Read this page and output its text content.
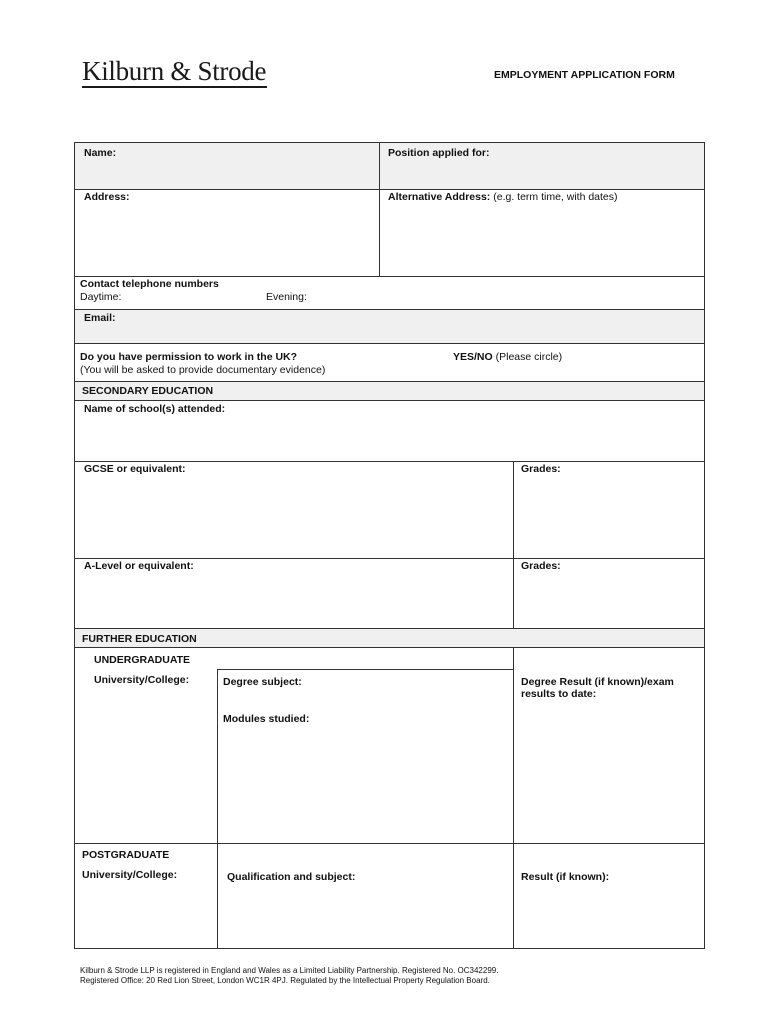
Kilburn & Strode	EMPLOYMENT APPLICATION FORM
Name:	Position applied for:
Address:	Alternative Address: (e.g. term time, with dates)
Contact telephone numbers
Daytime:	Evening:
Email:
Do you have permission to work in the UK?
(You will be asked to provide documentary evidence)
YES/NO (Please circle)
SECONDARY EDUCATION
Name of school(s) attended:
GCSE or equivalent:	Grades:
A-Level or equivalent:	Grades:
FURTHER EDUCATION
UNDERGRADUATE
University/College:	Degree subject:	Degree Result (if known)/exam
results to date:
Modules studied:
POSTGRADUATE
University/College:	Qualification and subject:	Result (if known):
Kilburn & Strode LLP is registered in England and Wales as a Limited Liability Partnership. Registered No. OC342299.
Registered Office: 20 Red Lion Street, London WC1R 4PJ. Regulated by the Intellectual Property Regulation Board.
